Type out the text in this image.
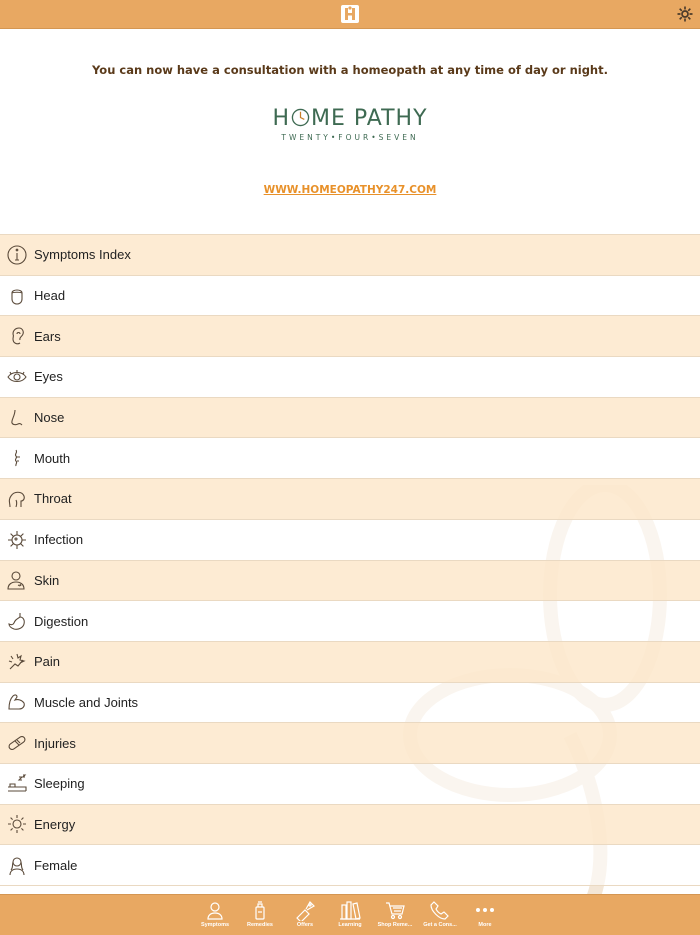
You can now have a consultation with a homeopath at any time of day or night.
H ME PATHY
TWENTY•FOUR•SEVEN
WWW.HOMEOPATHY247.COM
Symptoms Index
Head
Ears
Eyes
Nose
Mouth
Throat
Infection
Skin
Digestion
Pain
Muscle and Joints
Injuries
Sleeping
Energy
Female
Symptoms	Remedies	Offers	Learning	Shop Reme...	Get a Cons...	More
